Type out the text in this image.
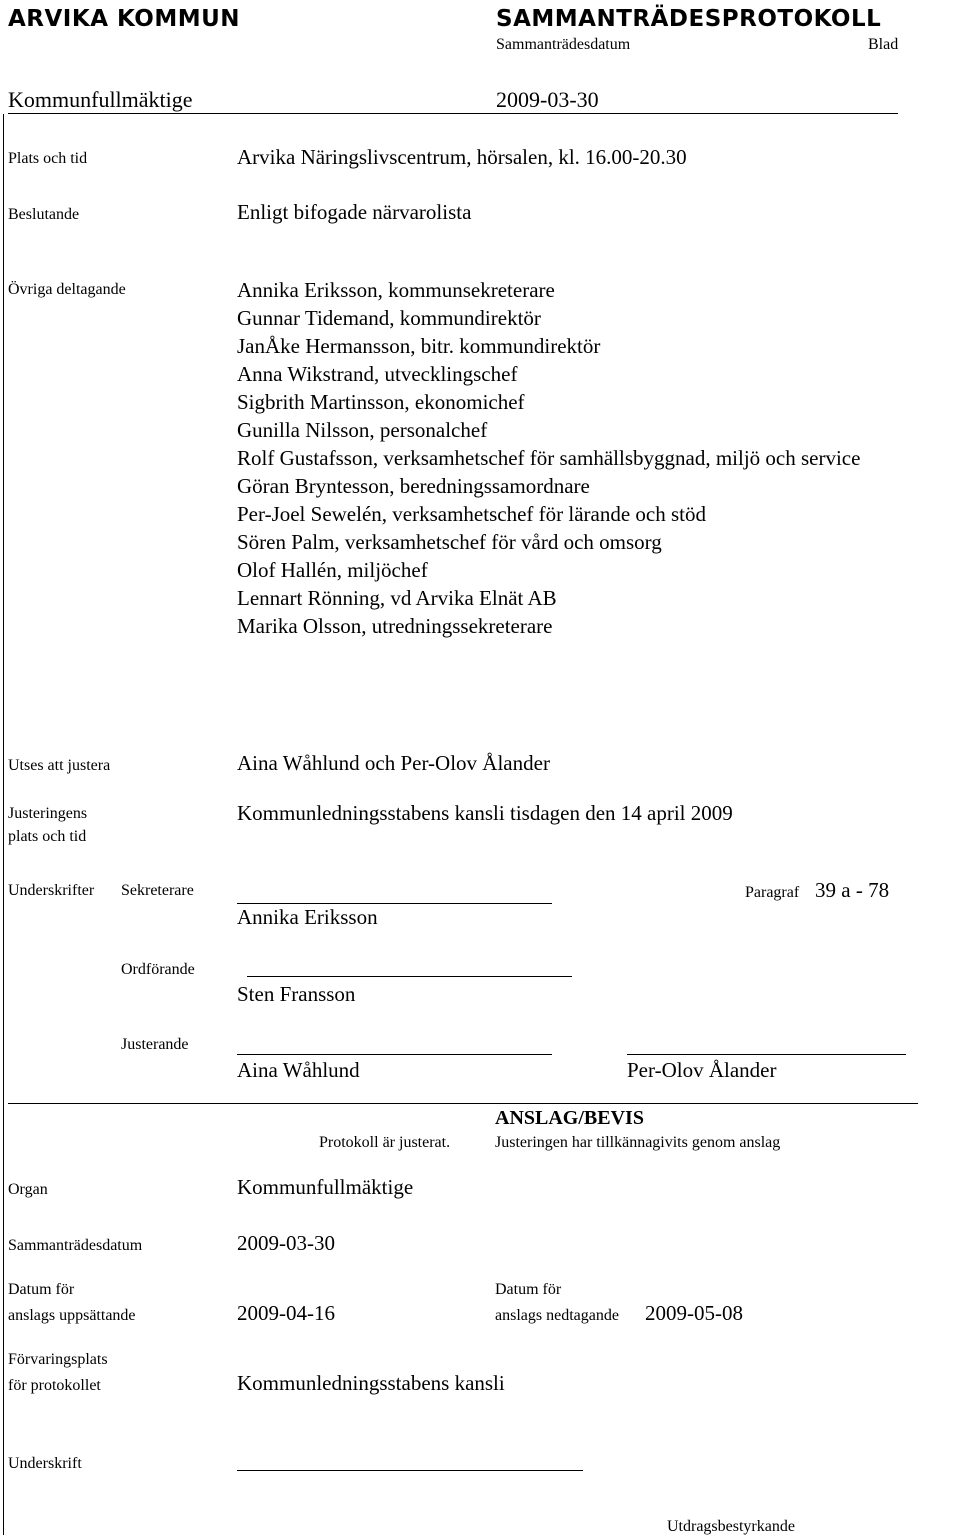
ARVIKA KOMMUN	SAMMANTRÄDESPROTOKOLL
Sammanträdesdatum	Blad
Kommunfullmäktige	2009-03-30
Plats och tid	Arvika Näringslivscentrum, hörsalen, kl. 16.00-20.30
Beslutande	Enligt bifogade närvarolista
Övriga deltagande	Annika Eriksson, kommunsekreterare
Gunnar Tidemand, kommundirektör
JanÅke Hermansson, bitr. kommundirektör
Anna Wikstrand, utvecklingschef
Sigbrith Martinsson, ekonomichef
Gunilla Nilsson, personalchef
Rolf Gustafsson, verksamhetschef för samhällsbyggnad, miljö och service
Göran Bryntesson, beredningssamordnare
Per-Joel Sewelén, verksamhetschef för lärande och stöd
Sören Palm, verksamhetschef för vård och omsorg
Olof Hallén, miljöchef
Lennart Rönning, vd Arvika Elnät AB
Marika Olsson, utredningssekreterare
Utses att justera	Aina Wåhlund och Per-Olov Ålander
Justeringens
plats och tid
Kommunledningsstabens kansli tisdagen den 14 april 2009
Underskrifter Sekreterare
Annika Eriksson
Paragraf 39 a - 78
Ordförande
Sten Fransson
Justerande
Aina Wåhlund	Per-Olov Ålander
ANSLAG/BEVIS
Protokoll är justerat.	Justeringen har tillkännagivits genom anslag
Organ	Kommunfullmäktige
Sammanträdesdatum	2009-03-30
Datum för
anslags uppsättande	2009-04-16
Datum för
anslags nedtagande 2009-05-08
Förvaringsplats
för protokollet	Kommunledningsstabens kansli
Underskrift
Utdragsbestyrkande
